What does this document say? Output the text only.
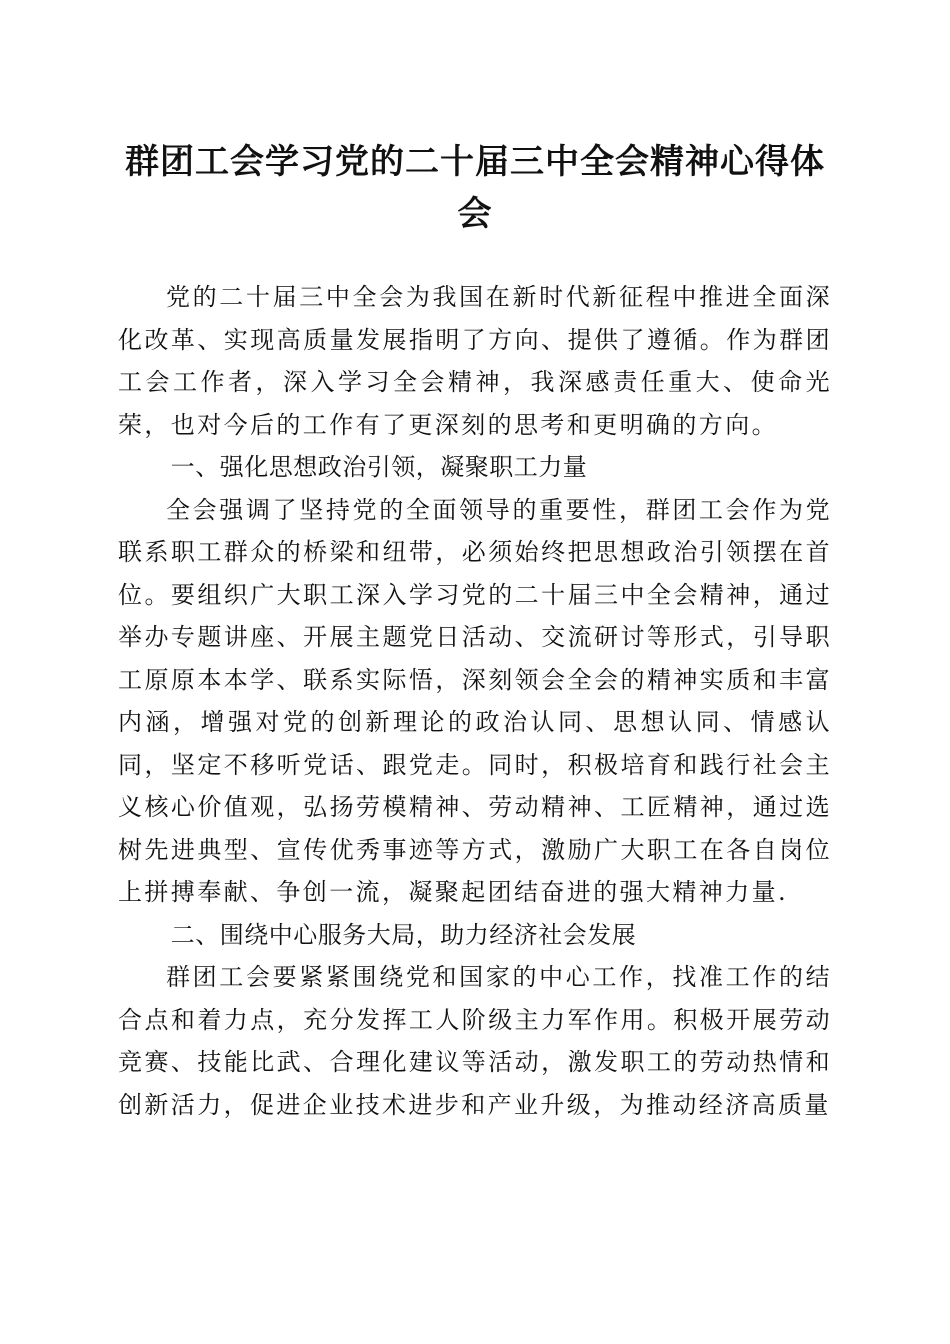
群团工会学习党的二十届三中全会精神心得体会

党的二十届三中全会为我国在新时代新征程中推进全面深化改革、实现高质量发展指明了方向、提供了遵循。作为群团工会工作者，深入学习全会精神，我深感责任重大、使命光荣，也对今后的工作有了更深刻的思考和更明确的方向。

一、强化思想政治引领，凝聚职工力量

全会强调了坚持党的全面领导的重要性，群团工会作为党联系职工群众的桥梁和纽带，必须始终把思想政治引领摆在首位。要组织广大职工深入学习党的二十届三中全会精神，通过举办专题讲座、开展主题党日活动、交流研讨等形式，引导职工原原本本学、联系实际悟，深刻领会全会的精神实质和丰富内涵，增强对党的创新理论的政治认同、思想认同、情感认同，坚定不移听党话、跟党走。同时，积极培育和践行社会主义核心价值观，弘扬劳模精神、劳动精神、工匠精神，通过选树先进典型、宣传优秀事迹等方式，激励广大职工在各自岗位上拼搏奉献、争创一流，凝聚起团结奋进的强大精神力量.

二、围绕中心服务大局，助力经济社会发展

群团工会要紧紧围绕党和国家的中心工作，找准工作的结合点和着力点，充分发挥工人阶级主力军作用。积极开展劳动竞赛、技能比武、合理化建议等活动，激发职工的劳动热情和创新活力，促进企业技术进步和产业升级，为推动经济高质量
